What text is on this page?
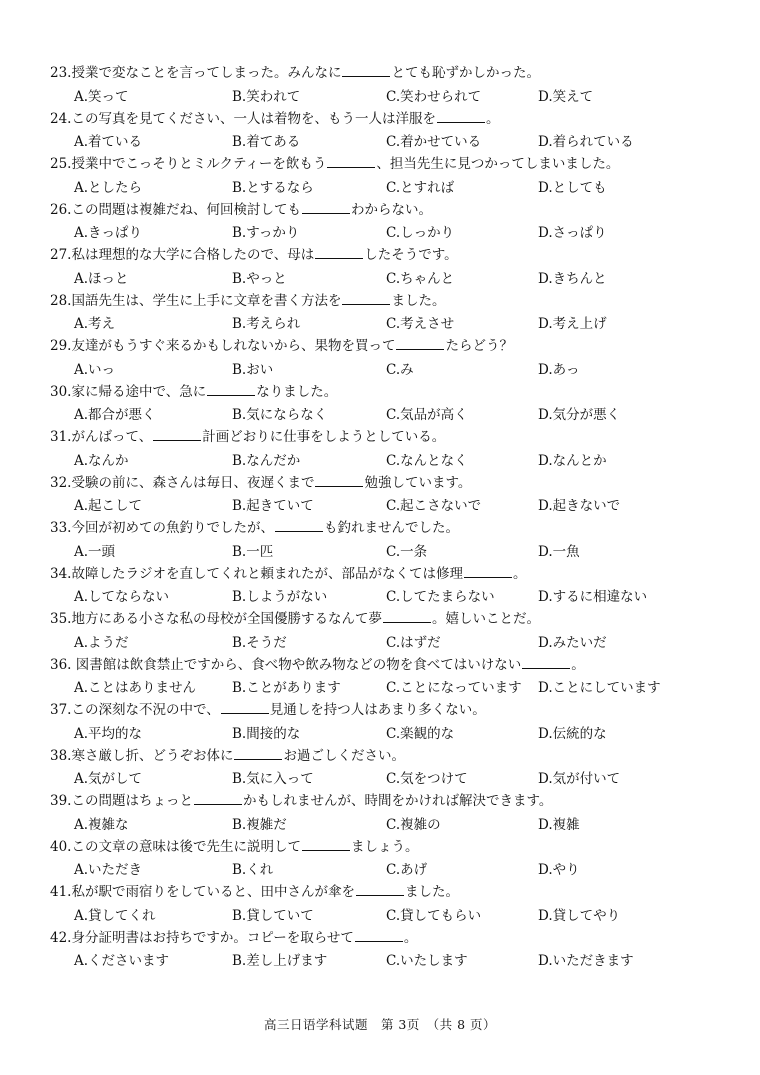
23.授業で変なことを言ってしまった。みんなに	とても恥ずかしかった。
A.笑って	B.笑われて	C.笑わせられて	D.笑えて
24.この写真を見てください、一人は着物を、もう一人は洋服を	。
A.着ている	B.着てある	C.着かせている	D.着られている
25.授業中でこっそりとミルクティーを飲もう	、担当先生に見つかってしまいました。
A.としたら	B.とするなら	C.とすれば	D.としても
26.この問題は複雑だね、何回検討しても	わからない。
A.きっぱり	B.すっかり	C.しっかり	D.さっぱり
27.私は理想的な大学に合格したので、母は	したそうです。
A.ほっと	B.やっと	C.ちゃんと	D.きちんと
28.国語先生は、学生に上手に文章を書く方法を	ました。
A.考え	B.考えられ	C.考えさせ	D.考え上げ
29.友達がもうすぐ来るかもしれないから、果物を買って	たらどう？
A.いっ	B.おい	C.み	D.あっ
30.家に帰る途中で、急に	なりました。
A.都合が悪く	B.気にならなく	C.気品が高く	D.気分が悪く
31.がんばって、	計画どおりに仕事をしようとしている。
A.なんか	B.なんだか	C.なんとなく	D.なんとか
32.受験の前に、森さんは毎日、夜遅くまで	勉強しています。
A.起こして	B.起きていて	C.起こさないで	D.起きないで
33.今回が初めての魚釣りでしたが、	も釣れませんでした。
A.一頭	B.一匹	C.一条	D.一魚
34.故障したラジオを直してくれと頼まれたが、部品がなくては修理	。
A.してならない	B.しようがない	C.してたまらない	D.するに相違ない
35.地方にある小さな私の母校が全国優勝するなんて夢	。嬉しいことだ。
A.ようだ	B.そうだ	C.はずだ	D.みたいだ
36. 図書館は飲食禁止ですから、食べ物や飲み物などの物を食べてはいけない	。
A.ことはありません	B.ことがあります	C.ことになっています D.ことにしています
37.この深刻な不況の中で、	見通しを持つ人はあまり多くない。
A.平均的な	B.間接的な	C.楽観的な	D.伝統的な
38.寒さ厳し折、どうぞお体に	お過ごしください。
A.気がして	B.気に入って	C.気をつけて	D.気が付いて
39.この問題はちょっと	かもしれませんが、時間をかければ解決できます。
A.複雑な	B.複雑だ	C.複雑の	D.複雑
40.この文章の意味は後で先生に説明して	ましょう。
A.いただき	B.くれ	C.あげ	D.やり
41.私が駅で雨宿りをしていると、田中さんが傘を	ました。
A.貸してくれ	B.貸していて	C.貸してもらい	D.貸してやり
42.身分証明書はお持ちですか。コピーを取らせて	。
A.くださいます	B.差し上げます	C.いたします	D.いただきます
高三日语学科试题　第 3页　（共 8 页）
